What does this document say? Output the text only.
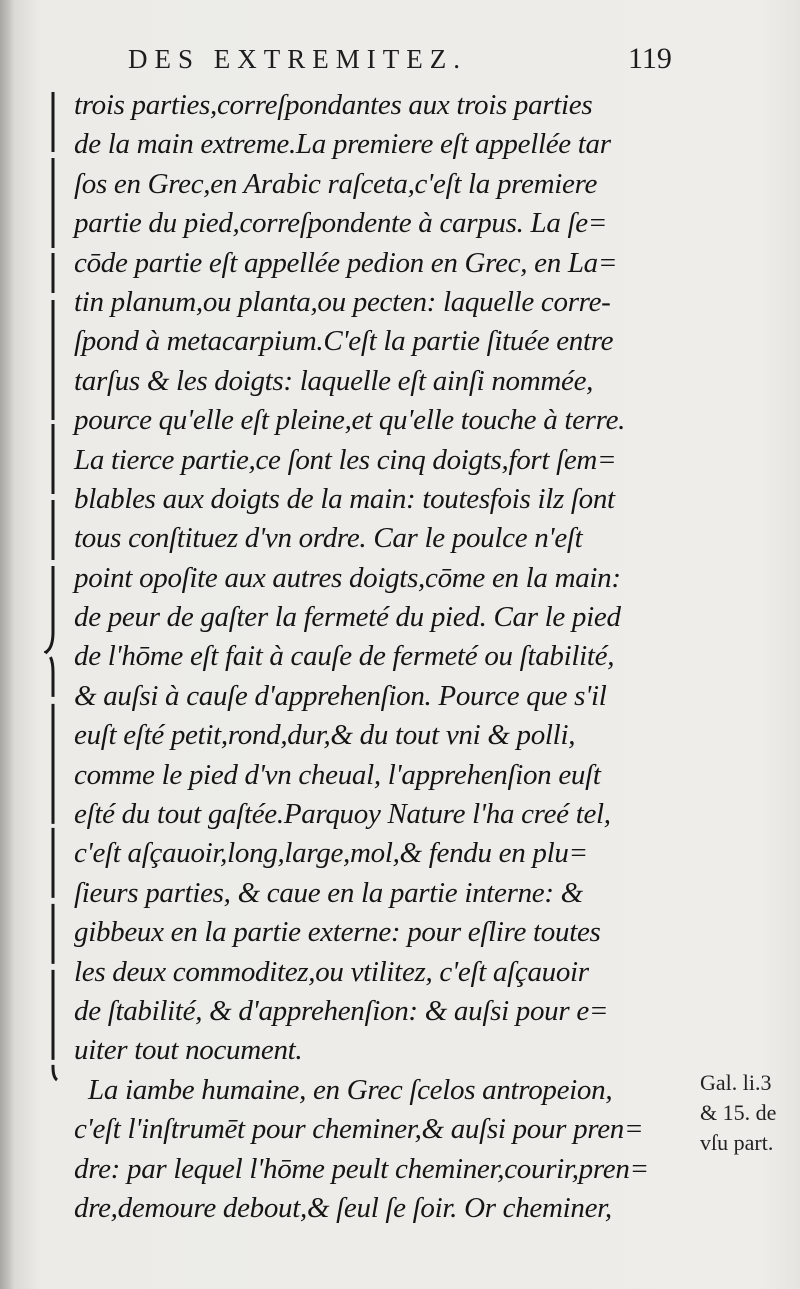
DES EXTREMITEZ.	119
trois parties,correſpondantes aux trois parties
de la main extreme.La premiere eſt appellée tar
ſos en Grec,en Arabic raſceta,c'eſt la premiere
partie du pied,correſpondente à carpus. La ſe=
cōde partie eſt appellée pedion en Grec, en La=
tin planum,ou planta,ou pecten: laquelle corre-
ſpond à metacarpium.C'eſt la partie ſituée entre
tarſus & les doigts: laquelle eſt ainſi nommée,
pource qu'elle eſt pleine,et qu'elle touche à terre.
La tierce partie,ce ſont les cinq doigts,fort ſem=
blables aux doigts de la main: toutesfois ilz ſont
tous conſtituez d'vn ordre. Car le poulce n'eſt
point opoſite aux autres doigts,cōme en la main:
de peur de gaſter la fermeté du pied. Car le pied
de l'hōme eſt fait à cauſe de fermeté ou ſtabilité,
& auſsi à cauſe d'apprehenſion. Pource que s'il
euſt eſté petit,rond,dur,& du tout vni & polli,
comme le pied d'vn cheual, l'apprehenſion euſt
eſté du tout gaſtée.Parquoy Nature l'ha creé tel,
c'eſt aſçauoir,long,large,mol,& fendu en plu=
ſieurs parties, & caue en la partie interne: &
gibbeux en la partie externe: pour eſlire toutes
les deux commoditez,ou vtilitez, c'eſt aſçauoir
de ſtabilité, & d'apprehenſion: & auſsi pour e=
uiter tout nocument.
La iambe humaine, en Grec ſcelos antropeion,
c'eſt l'inſtrumēt pour cheminer,& auſsi pour pren=
dre: par lequel l'hōme peult cheminer,courir,pren=
dre,demoure debout,& ſeul ſe ſoir. Or cheminer,
Gal. li.3
& 15. de
vſu part.
